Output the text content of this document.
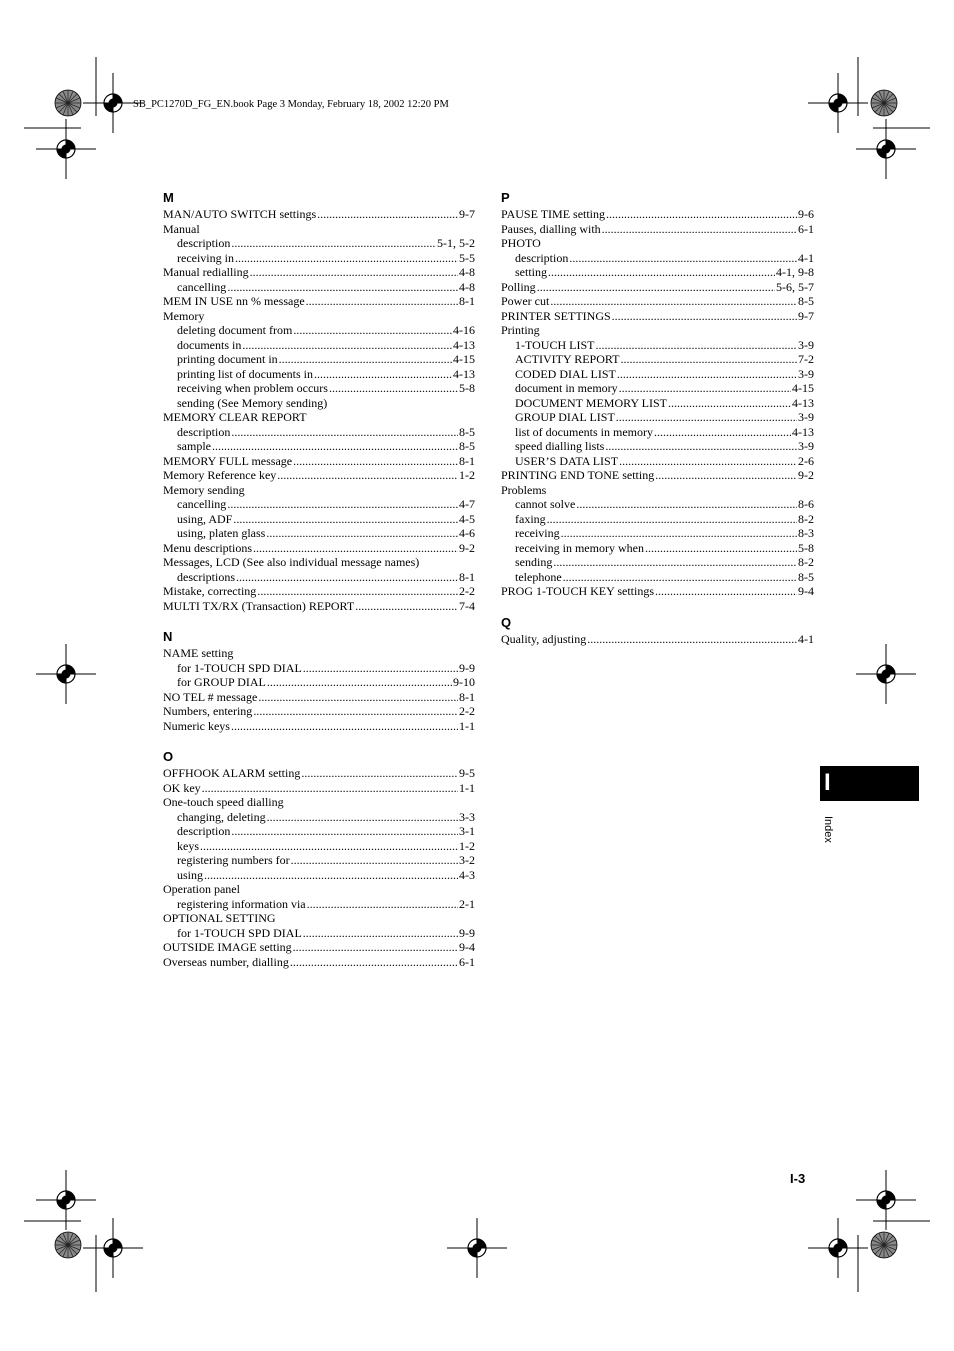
SB_PC1270D_FG_EN.book Page 3 Monday, February 18, 2002 12:20 PM
M
MAN/AUTO SWITCH settings .....	9-7
Manual
description .....	5-1, 5-2
receiving in .....	5-5
Manual redialling .....	4-8
cancelling .....	4-8
MEM IN USE nn % message .....	8-1
Memory
deleting document from .....	4-16
documents in .....	4-13
printing document in .....	4-15
printing list of documents in .....	4-13
receiving when problem occurs .....	5-8
sending (See Memory sending)
MEMORY CLEAR REPORT
description .....	8-5
sample .....	8-5
MEMORY FULL message .....	8-1
Memory Reference key .....	1-2
Memory sending
cancelling .....	4-7
using, ADF .....	4-5
using, platen glass .....	4-6
Menu descriptions .....	9-2
Messages, LCD (See also individual message names)
descriptions .....	8-1
Mistake, correcting .....	2-2
MULTI TX/RX (Transaction) REPORT .....	7-4
N
NAME setting
for 1-TOUCH SPD DIAL .....	9-9
for GROUP DIAL .....	9-10
NO TEL # message .....	8-1
Numbers, entering .....	2-2
Numeric keys .....	1-1
O
OFFHOOK ALARM setting .....	9-5
OK key .....	1-1
One-touch speed dialling
changing, deleting .....	3-3
description .....	3-1
keys .....	1-2
registering numbers for .....	3-2
using .....	4-3
Operation panel
registering information via .....	2-1
OPTIONAL SETTING
for 1-TOUCH SPD DIAL .....	9-9
OUTSIDE IMAGE setting .....	9-4
Overseas number, dialling .....	6-1
P
PAUSE TIME setting .....	9-6
Pauses, dialling with .....	6-1
PHOTO
description .....	4-1
setting .....	4-1, 9-8
Polling .....	5-6, 5-7
Power cut .....	8-5
PRINTER SETTINGS .....	9-7
Printing
1-TOUCH LIST .....	3-9
ACTIVITY REPORT .....	7-2
CODED DIAL LIST .....	3-9
document in memory .....	4-15
DOCUMENT MEMORY LIST .....	4-13
GROUP DIAL LIST .....	3-9
list of documents in memory .....	4-13
speed dialling lists .....	3-9
USER’S DATA LIST .....	2-6
PRINTING END TONE setting .....	9-2
Problems
cannot solve .....	8-6
faxing .....	8-2
receiving .....	8-3
receiving in memory when .....	5-8
sending .....	8-2
telephone .....	8-5
PROG 1-TOUCH KEY settings .....	9-4
Q
Quality, adjusting .....	4-1
I
Index
I-3
